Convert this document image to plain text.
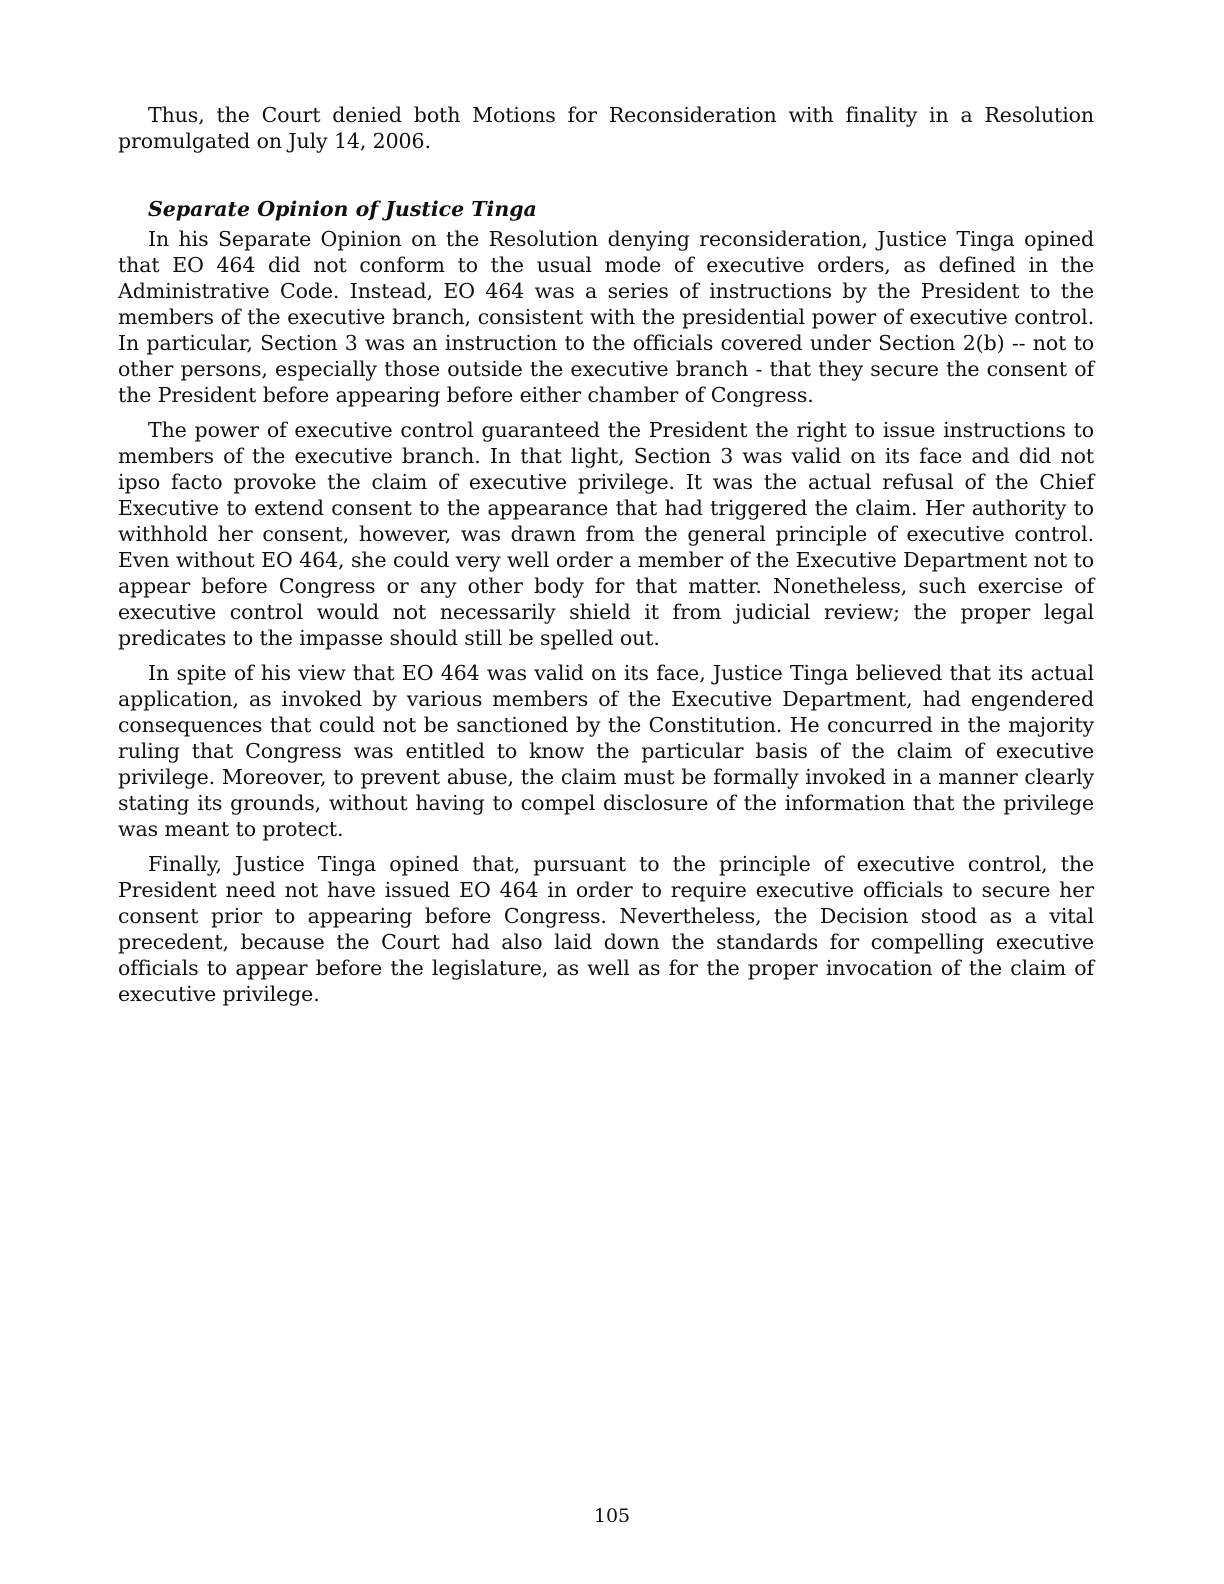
Thus, the Court denied both Motions for Reconsideration with finality in a Resolution promulgated on July 14, 2006.

Separate Opinion of Justice Tinga

In his Separate Opinion on the Resolution denying reconsideration, Justice Tinga opined that EO 464 did not conform to the usual mode of executive orders, as defined in the Administrative Code. Instead, EO 464 was a series of instructions by the President to the members of the executive branch, consistent with the presidential power of executive control. In particular, Section 3 was an instruction to the officials covered under Section 2(b) -- not to other persons, especially those outside the executive branch - that they secure the consent of the President before appearing before either chamber of Congress.

The power of executive control guaranteed the President the right to issue instructions to members of the executive branch. In that light, Section 3 was valid on its face and did not ipso facto provoke the claim of executive privilege. It was the actual refusal of the Chief Executive to extend consent to the appearance that had triggered the claim. Her authority to withhold her consent, however, was drawn from the general principle of executive control. Even without EO 464, she could very well order a member of the Executive Department not to appear before Congress or any other body for that matter. Nonetheless, such exercise of executive control would not necessarily shield it from judicial review; the proper legal predicates to the impasse should still be spelled out.

In spite of his view that EO 464 was valid on its face, Justice Tinga believed that its actual application, as invoked by various members of the Executive Department, had engendered consequences that could not be sanctioned by the Constitution. He concurred in the majority ruling that Congress was entitled to know the particular basis of the claim of executive privilege. Moreover, to prevent abuse, the claim must be formally invoked in a manner clearly stating its grounds, without having to compel disclosure of the information that the privilege was meant to protect.

Finally, Justice Tinga opined that, pursuant to the principle of executive control, the President need not have issued EO 464 in order to require executive officials to secure her consent prior to appearing before Congress. Nevertheless, the Decision stood as a vital precedent, because the Court had also laid down the standards for compelling executive officials to appear before the legislature, as well as for the proper invocation of the claim of executive privilege.

105
